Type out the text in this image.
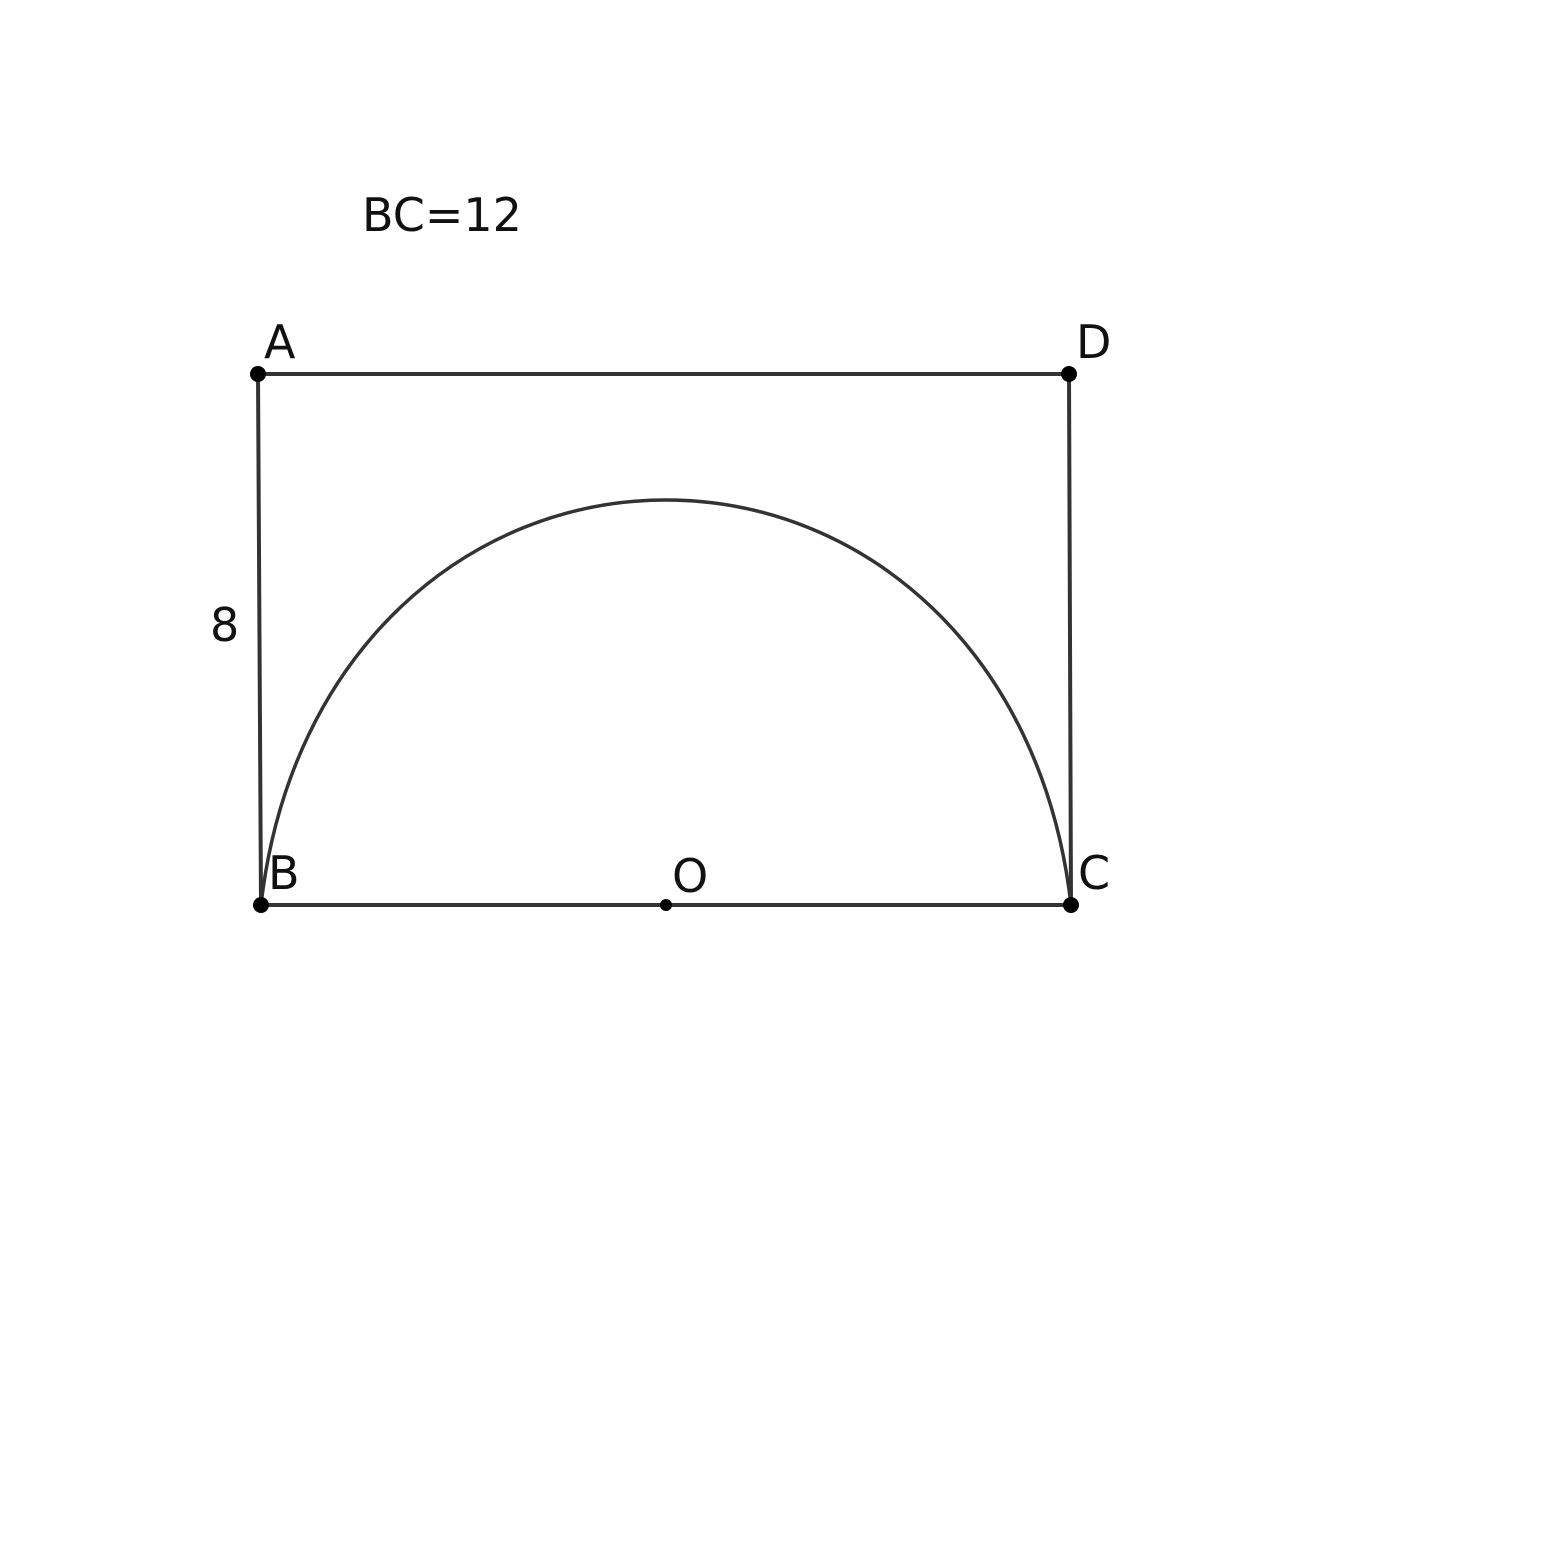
A	D
B	O	C
8
BC=12
